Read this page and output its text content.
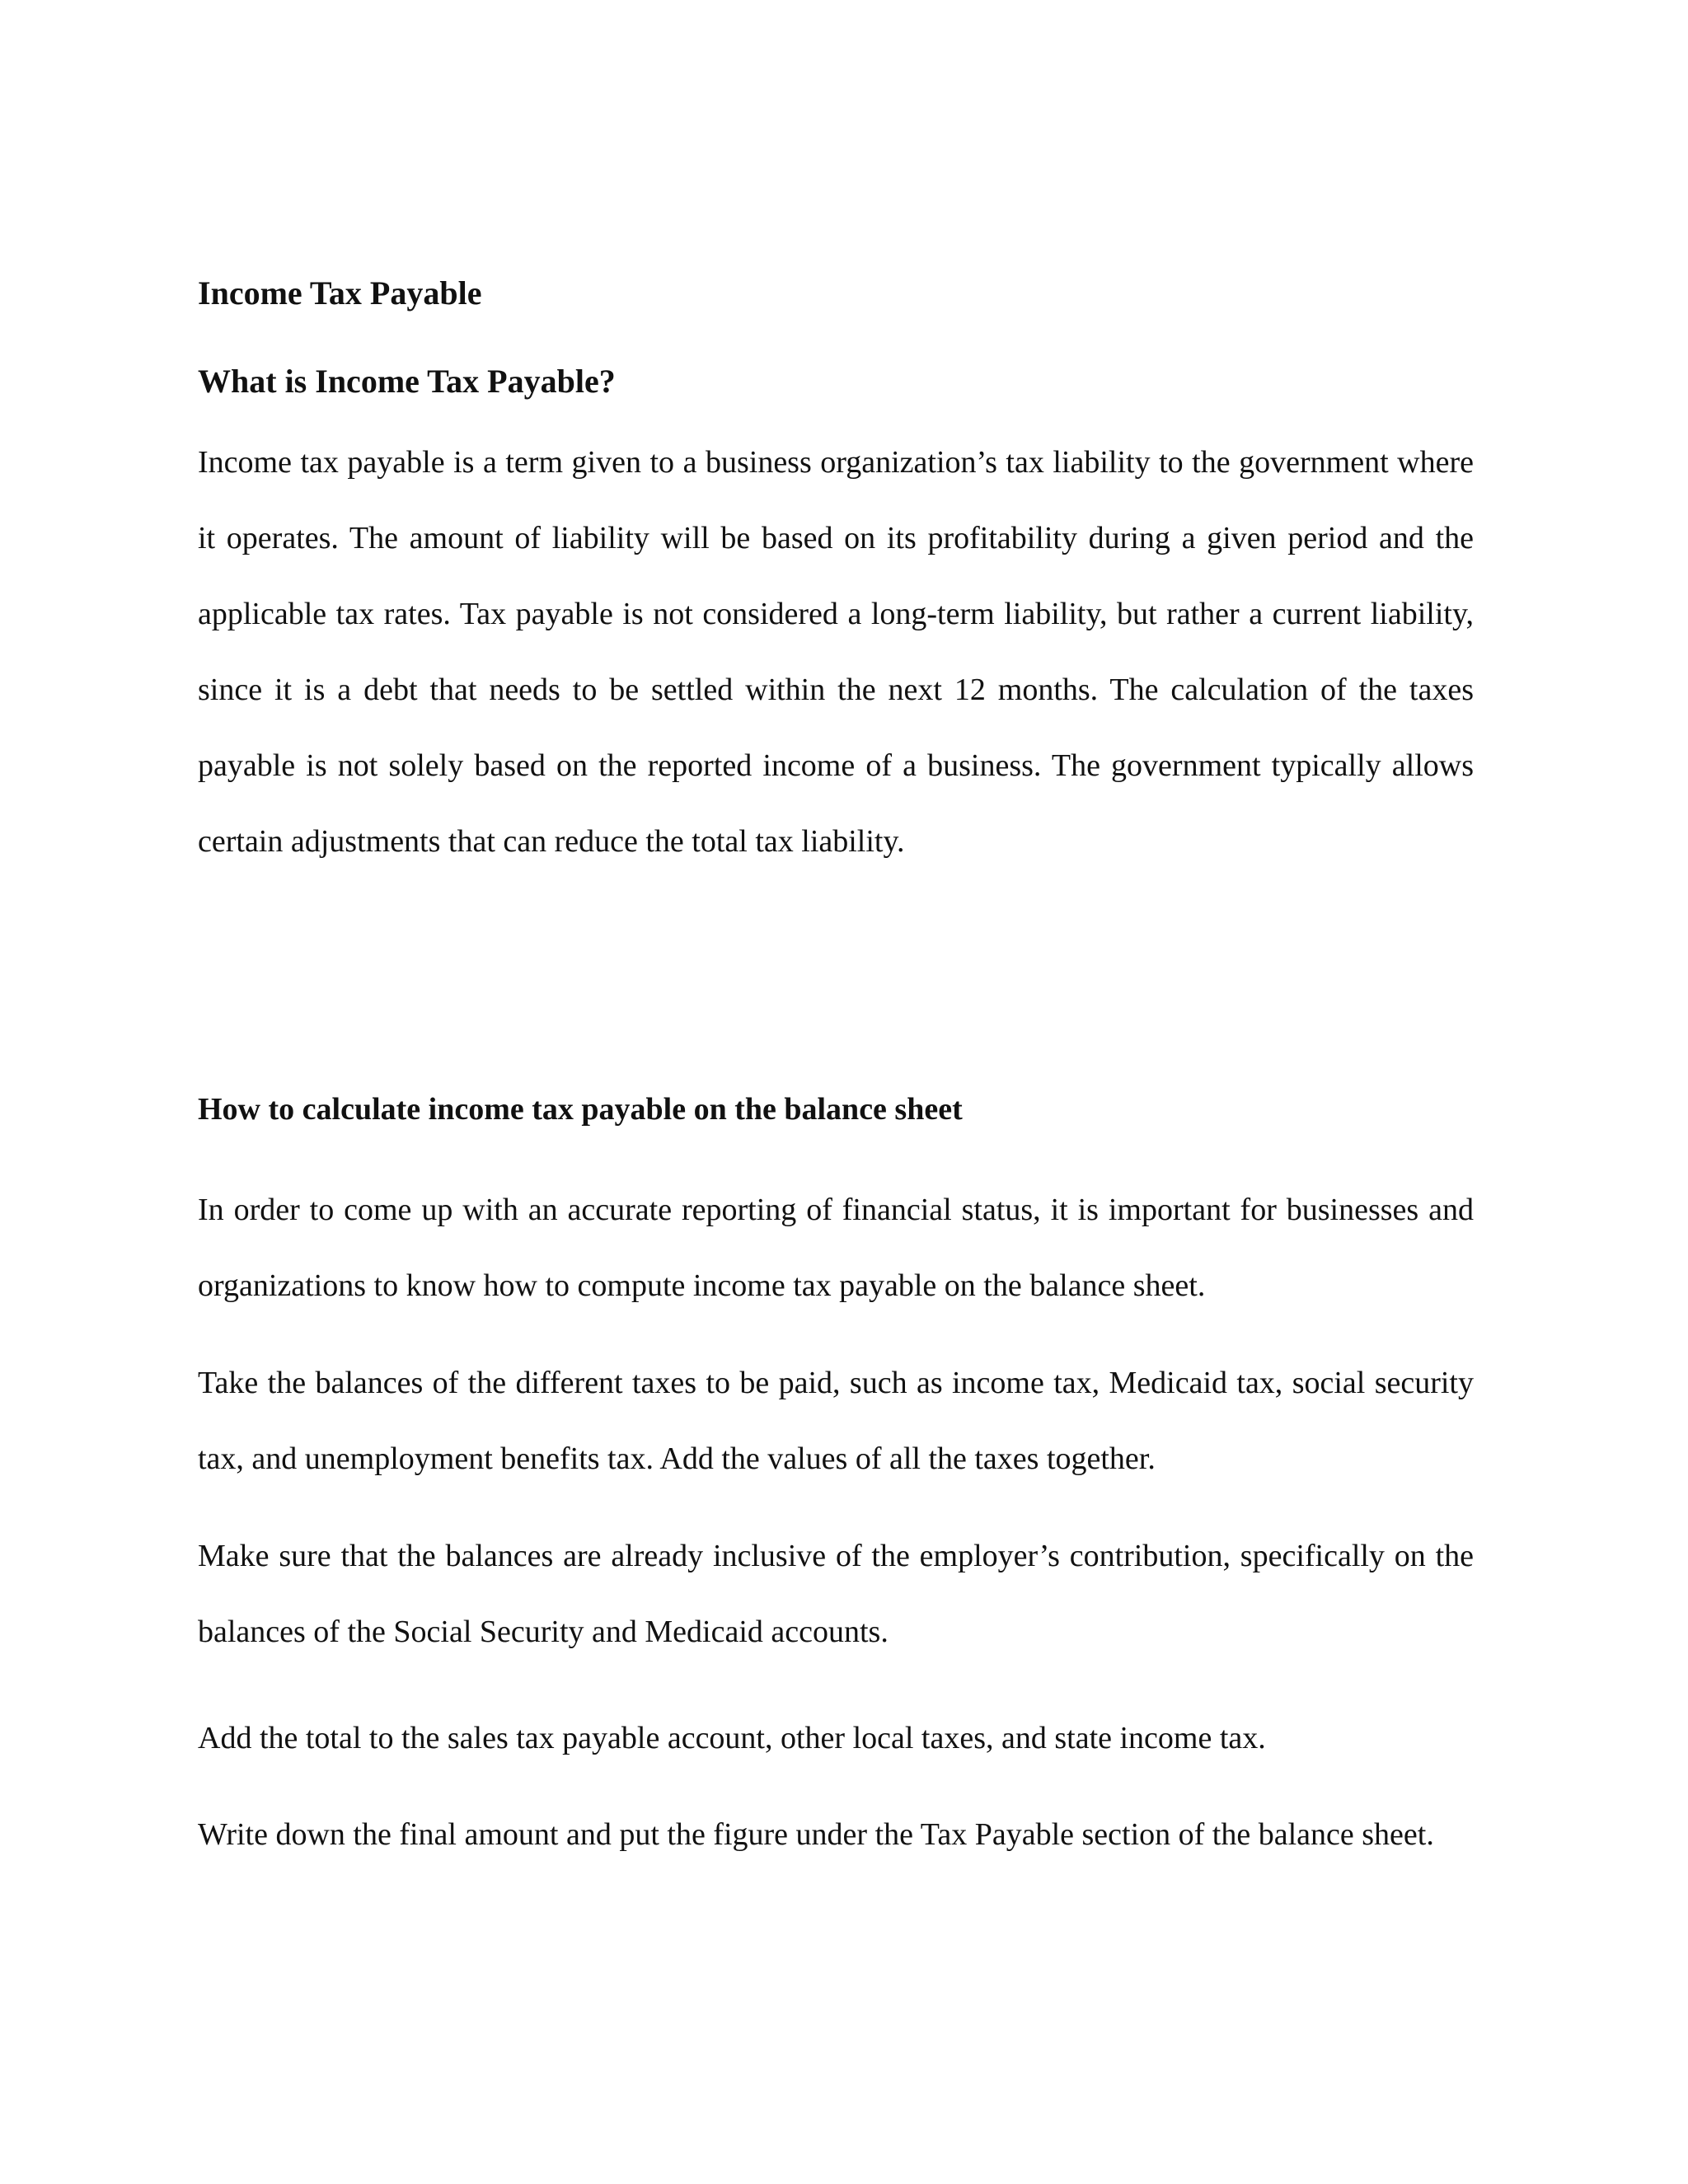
Income Tax Payable
What is Income Tax Payable?

Income tax payable is a term given to a business organization’s tax liability to the government where it operates. The amount of liability will be based on its profitability during a given period and the applicable tax rates. Tax payable is not considered a long-term liability, but rather a current liability, since it is a debt that needs to be settled within the next 12 months. The calculation of the taxes payable is not solely based on the reported income of a business. The government typically allows certain adjustments that can reduce the total tax liability.

How to calculate income tax payable on the balance sheet

In order to come up with an accurate reporting of financial status, it is important for businesses and organizations to know how to compute income tax payable on the balance sheet.

Take the balances of the different taxes to be paid, such as income tax, Medicaid tax, social security tax, and unemployment benefits tax. Add the values of all the taxes together.

Make sure that the balances are already inclusive of the employer’s contribution, specifically on the balances of the Social Security and Medicaid accounts.

Add the total to the sales tax payable account, other local taxes, and state income tax.

Write down the final amount and put the figure under the Tax Payable section of the balance sheet.
